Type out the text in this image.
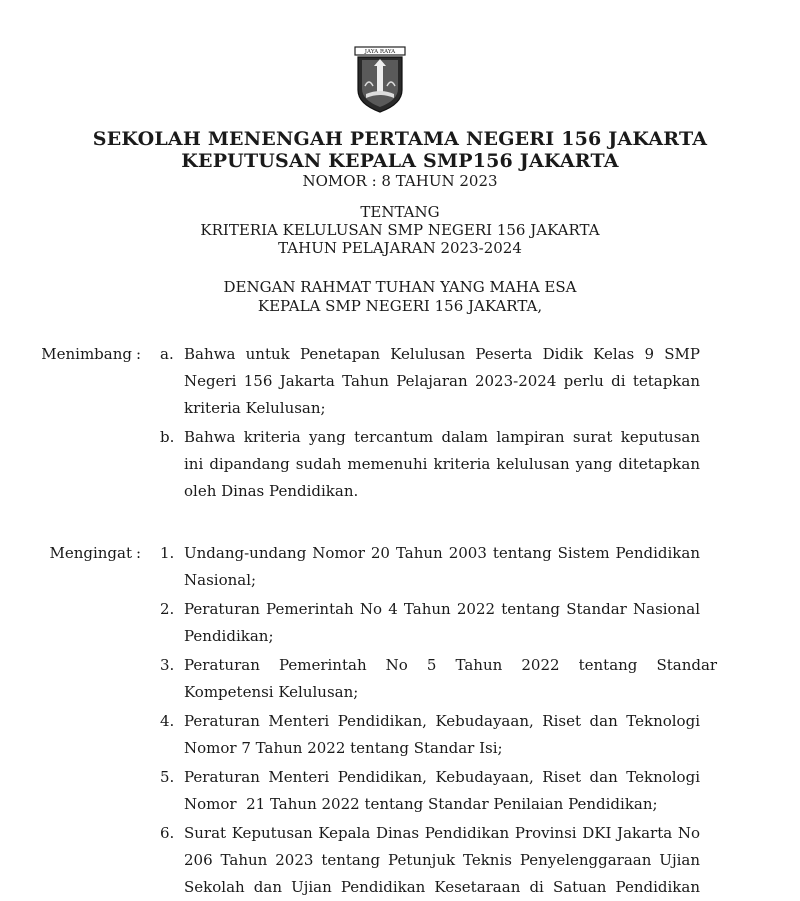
JAYA RAYA
SEKOLAH MENENGAH PERTAMA NEGERI 156 JAKARTA
KEPUTUSAN KEPALA SMP156 JAKARTA
NOMOR : 8 TAHUN 2023
TENTANG
KRITERIA KELULUSAN SMP NEGERI 156 JAKARTA
TAHUN PELAJARAN 2023-2024
DENGAN RAHMAT TUHAN YANG MAHA ESA
KEPALA SMP NEGERI 156 JAKARTA,
Menimbang : a. Bahwa untuk Penetapan Kelulusan Peserta Didik Kelas 9 SMP
Negeri 156 Jakarta Tahun Pelajaran 2023-2024 perlu di tetapkan
kriteria Kelulusan;
b. Bahwa kriteria yang tercantum dalam lampiran surat keputusan
ini dipandang sudah memenuhi kriteria kelulusan yang ditetapkan
oleh Dinas Pendidikan.
Mengingat : 1. Undang-undang Nomor 20 Tahun 2003 tentang Sistem Pendidikan
Nasional;
2. Peraturan Pemerintah No 4 Tahun 2022 tentang Standar Nasional
Pendidikan;
3. Peraturan    Pemerintah    No    5    Tahun    2022    tentang    Standar
Kompetensi Kelulusan;
4. Peraturan Menteri Pendidikan, Kebudayaan, Riset dan Teknologi
Nomor 7 Tahun 2022 tentang Standar Isi;
5. Peraturan Menteri Pendidikan, Kebudayaan, Riset dan Teknologi
Nomor  21 Tahun 2022 tentang Standar Penilaian Pendidikan;
6. Surat Keputusan Kepala Dinas Pendidikan Provinsi DKI Jakarta No
206 Tahun 2023 tentang Petunjuk Teknis Penyelenggaraan Ujian
Sekolah dan Ujian Pendidikan Kesetaraan di Satuan Pendidikan
